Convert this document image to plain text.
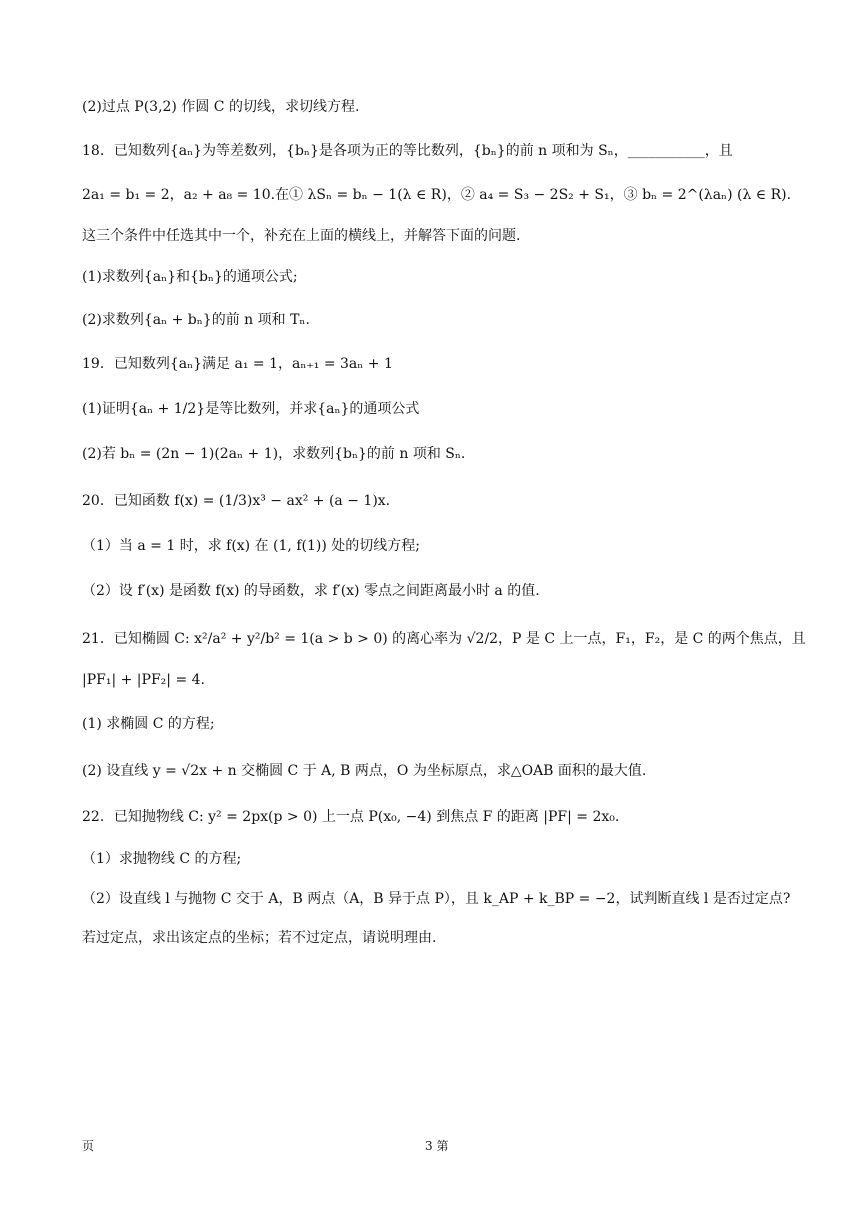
(2)过点 P(3,2) 作圆 C 的切线，求切线方程.
18．已知数列{aₙ}为等差数列，{bₙ}是各项为正的等比数列，{bₙ}的前 n 项和为 Sₙ，___________，且
2a₁ = b₁ = 2，a₂ + a₈ = 10.在① λSₙ = bₙ − 1(λ ∈ R)，② a₄ = S₃ − 2S₂ + S₁，③ bₙ = 2^(λaₙ) (λ ∈ R).
这三个条件中任选其中一个，补充在上面的横线上，并解答下面的问题.
(1)求数列{aₙ}和{bₙ}的通项公式;
(2)求数列{aₙ + bₙ}的前 n 项和 Tₙ.
19．已知数列{aₙ}满足 a₁ = 1，aₙ₊₁ = 3aₙ + 1
(1)证明{aₙ + 1/2}是等比数列，并求{aₙ}的通项公式
(2)若 bₙ = (2n − 1)(2aₙ + 1)，求数列{bₙ}的前 n 项和 Sₙ.
20．已知函数 f(x) = (1/3)x³ − ax² + (a − 1)x.
（1）当 a = 1 时，求 f(x) 在 (1, f(1)) 处的切线方程;
（2）设 f′(x) 是函数 f(x) 的导函数，求 f′(x) 零点之间距离最小时 a 的值.
21．已知椭圆 C: x²/a² + y²/b² = 1(a > b > 0) 的离心率为 √2/2，P 是 C 上一点，F₁，F₂，是 C 的两个焦点，且
|PF₁| + |PF₂| = 4.
(1) 求椭圆 C 的方程;
(2) 设直线 y = √2x + n 交椭圆 C 于 A, B 两点，O 为坐标原点，求△OAB 面积的最大值.
22．已知抛物线 C: y² = 2px(p > 0) 上一点 P(x₀, −4) 到焦点 F 的距离 |PF| = 2x₀.
（1）求抛物线 C 的方程;
（2）设直线 l 与抛物 C 交于 A，B 两点（A，B 异于点 P），且 k_AP + k_BP = −2，试判断直线 l 是否过定点?
若过定点，求出该定点的坐标；若不过定点，请说明理由.
页	3 第
